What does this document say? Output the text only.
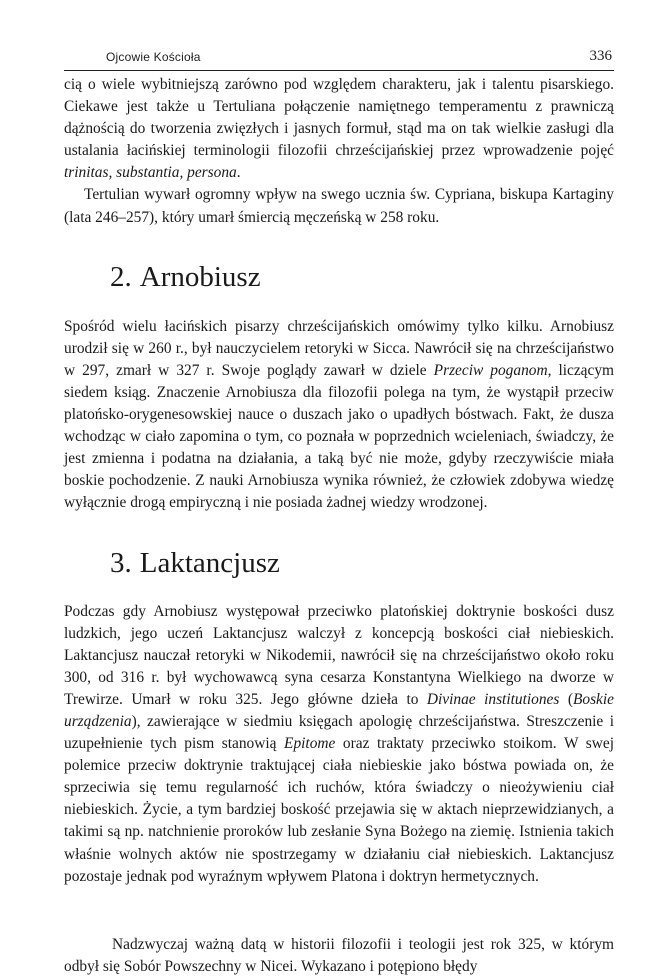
Ojcowie Kościoła	336

cią o wiele wybitniejszą zarówno pod względem charakteru, jak i talentu pisarskiego. Ciekawe jest także u Tertuliana połączenie namiętnego temperamentu z prawniczą dążnością do tworzenia zwięzłych i jasnych formuł, stąd ma on tak wielkie zasługi dla ustalania łacińskiej terminologii filozofii chrześcijańskiej przez wprowadzenie pojęć trinitas, substantia, persona.

Tertulian wywarł ogromny wpływ na swego ucznia św. Cypriana, biskupa Kartaginy (lata 246–257), który umarł śmiercią męczeńską w 258 roku.

2. Arnobiusz

Spośród wielu łacińskich pisarzy chrześcijańskich omówimy tylko kilku. Arnobiusz urodził się w 260 r., był nauczycielem retoryki w Sicca. Nawrócił się na chrześcijaństwo w 297, zmarł w 327 r. Swoje poglądy zawarł w dziele Przeciw poganom, liczącym siedem ksiąg. Znaczenie Arnobiusza dla filozofii polega na tym, że wystąpił przeciw platońsko-orygenesowskiej nauce o duszach jako o upadłych bóstwach. Fakt, że dusza wchodząc w ciało zapomina o tym, co poznała w poprzednich wcieleniach, świadczy, że jest zmienna i podatna na działania, a taką być nie może, gdyby rzeczywiście miała boskie pochodzenie. Z nauki Arnobiusza wynika również, że człowiek zdobywa wiedzę wyłącznie drogą empiryczną i nie posiada żadnej wiedzy wrodzonej.

3. Laktancjusz

Podczas gdy Arnobiusz występował przeciwko platońskiej doktrynie boskości dusz ludzkich, jego uczeń Laktancjusz walczył z koncepcją boskości ciał niebieskich. Laktancjusz nauczał retoryki w Nikodemii, nawrócił się na chrześcijaństwo około roku 300, od 316 r. był wychowawcą syna cesarza Konstantyna Wielkiego na dworze w Trewirze. Umarł w roku 325. Jego główne dzieła to Divinae institutiones (Boskie urządzenia), zawierające w siedmiu księgach apologię chrześcijaństwa. Streszczenie i uzupełnienie tych pism stanowią Epitome oraz traktaty przeciwko stoikom. W swej polemice przeciw doktrynie traktującej ciała niebieskie jako bóstwa powiada on, że sprzeciwia się temu regularność ich ruchów, która świadczy o nieożywieniu ciał niebieskich. Życie, a tym bardziej boskość przejawia się w aktach nieprzewidzianych, a takimi są np. natchnienie proroków lub zesłanie Syna Bożego na ziemię. Istnienia takich właśnie wolnych aktów nie spostrzegamy w działaniu ciał niebieskich. Laktancjusz pozostaje jednak pod wyraźnym wpływem Platona i doktryn hermetycznych.

Nadzwyczaj ważną datą w historii filozofii i teologii jest rok 325, w którym odbył się Sobór Powszechny w Nicei. Wykazano i potępiono błędy
